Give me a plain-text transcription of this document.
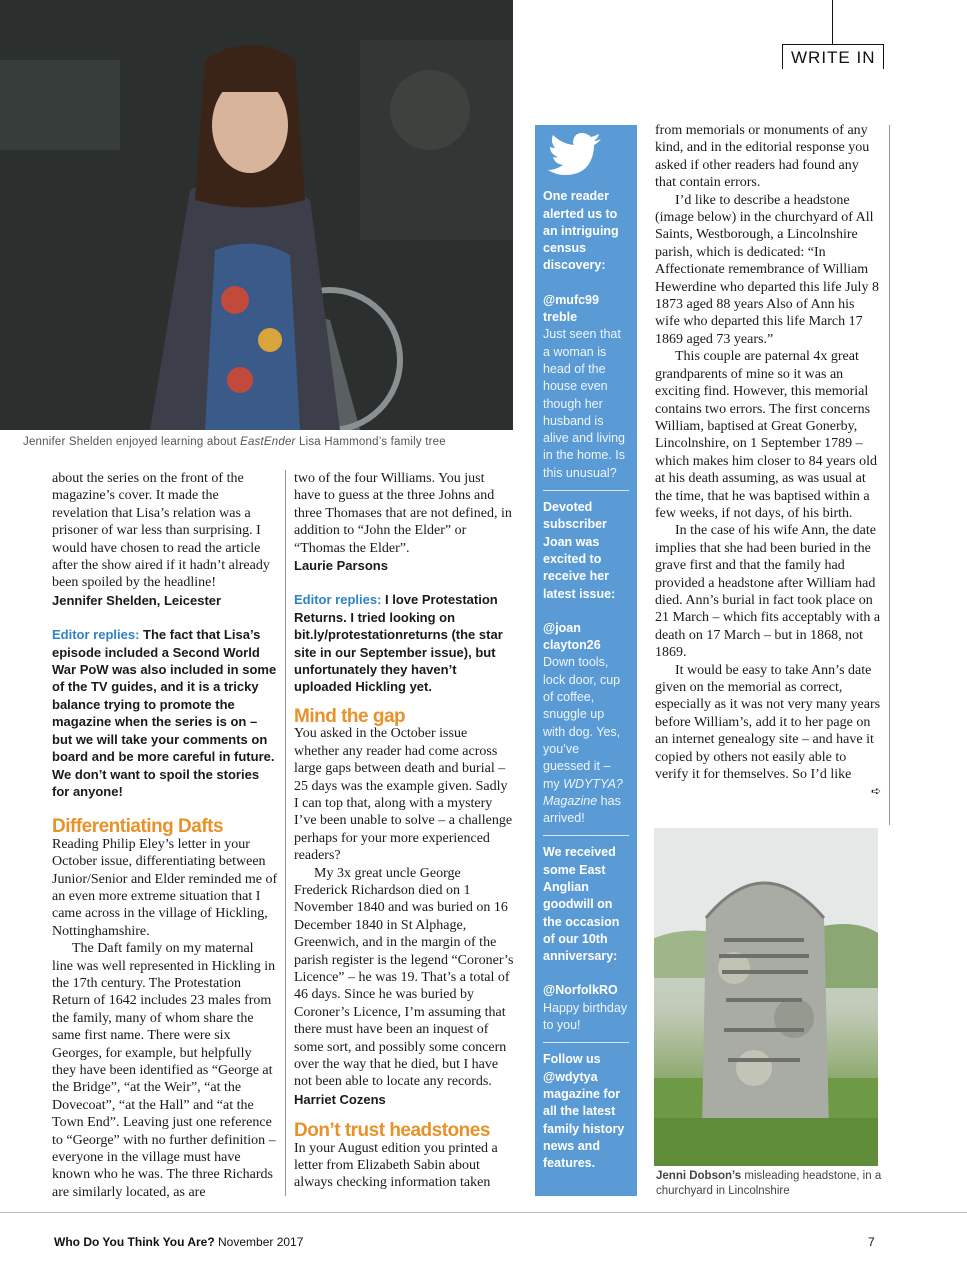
WRITE IN
Jennifer Shelden enjoyed learning about EastEnder Lisa Hammond’s family tree

about the series on the front of the magazine’s cover. It made the revelation that Lisa’s relation was a prisoner of war less than surprising. I would have chosen to read the article after the show aired if it hadn’t already been spoiled by the headline!

Jennifer Shelden, Leicester

Editor replies: The fact that Lisa’s episode included a Second World War PoW was also included in some of the TV guides, and it is a tricky balance trying to promote the magazine when the series is on – but we will take your comments on board and be more careful in future. We don’t want to spoil the stories for anyone!

Differentiating Dafts

Reading Philip Eley’s letter in your October issue, differentiating between Junior/Senior and Elder reminded me of an even more extreme situation that I came across in the village of Hickling, Nottinghamshire.

The Daft family on my maternal line was well represented in Hickling in the 17th century. The Protestation Return of 1642 includes 23 males from the family, many of whom share the same first name. There were six Georges, for example, but helpfully they have been identified as “George at the Bridge”, “at the Weir”, “at the Dovecoat”, “at the Hall” and “at the Town End”. Leaving just one reference to “George” with no further definition – everyone in the village must have known who he was. The three Richards are similarly located, as are

two of the four Williams. You just have to guess at the three Johns and three Thomases that are not defined, in addition to “John the Elder” or “Thomas the Elder”.

Laurie Parsons

Editor replies: I love Protestation Returns. I tried looking on bit.ly/protestationreturns (the star site in our September issue), but unfortunately they haven’t uploaded Hickling yet.

Mind the gap

You asked in the October issue whether any reader had come across large gaps between death and burial – 25 days was the example given. Sadly I can top that, along with a mystery I’ve been unable to solve – a challenge perhaps for your more experienced readers?

My 3x great uncle George Frederick Richardson died on 1 November 1840 and was buried on 16 December 1840 in St Alphage, Greenwich, and in the margin of the parish register is the legend “Coroner’s Licence” – he was 19. That’s a total of 46 days. Since he was buried by Coroner’s Licence, I’m assuming that there must have been an inquest of some sort, and possibly some concern over the way that he died, but I have not been able to locate any records.

Harriet Cozens

Don’t trust headstones

In your August edition you printed a letter from Elizabeth Sabin about always checking information taken

One reader alerted us to an intriguing census discovery:
@mufc99 treble
Just seen that a woman is head of the house even though her husband is alive and living in the home. Is this unusual?
Devoted subscriber Joan was excited to receive her latest issue:
@joan clayton26
Down tools, lock door, cup of coffee, snuggle up with dog. Yes, you’ve guessed it – my WDYTYA? Magazine has arrived!
We received some East Anglian goodwill on the occasion of our 10th anniversary:
@NorfolkRO
Happy birthday to you!
Follow us @wdytya magazine for all the latest family history news and features.

from memorials or monuments of any kind, and in the editorial response you asked if other readers had found any that contain errors.

I’d like to describe a headstone (image below) in the churchyard of All Saints, Westborough, a Lincolnshire parish, which is dedicated: “In Affectionate remembrance of William Hewerdine who departed this life July 8 1873 aged 88 years Also of Ann his wife who departed this life March 17 1869 aged 73 years.”

This couple are paternal 4x great grandparents of mine so it was an exciting find. However, this memorial contains two errors. The first concerns William, baptised at Great Gonerby, Lincolnshire, on 1 September 1789 – which makes him closer to 84 years old at his death assuming, as was usual at the time, that he was baptised within a few weeks, if not days, of his birth.

In the case of his wife Ann, the date implies that she had been buried in the grave first and that the family had provided a headstone after William had died. Ann’s burial in fact took place on 21 March – which fits acceptably with a death on 17 March – but in 1868, not 1869.

It would be easy to take Ann’s date given on the memorial as correct, especially as it was not very many years before William’s, add it to her page on an internet genealogy site – and have it copied by others not easily able to verify it for themselves. So I’d like
➪

Jenni Dobson’s misleading headstone, in a churchyard in Lincolnshire
Who Do You Think You Are? November 2017	7
